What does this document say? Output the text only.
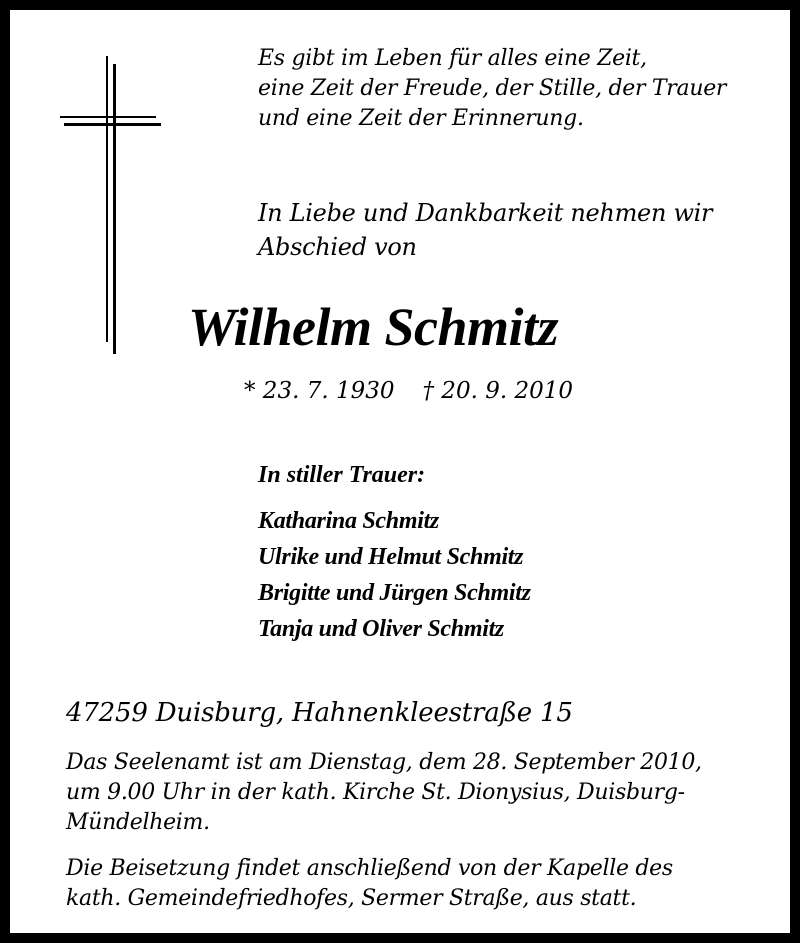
Es gibt im Leben für alles eine Zeit,
eine Zeit der Freude, der Stille, der Trauer
und eine Zeit der Erinnerung.
In Liebe und Dankbarkeit nehmen wir
Abschied von
Wilhelm Schmitz
* 23. 7. 1930 † 20. 9. 2010
In stiller Trauer:
Katharina Schmitz
Ulrike und Helmut Schmitz
Brigitte und Jürgen Schmitz
Tanja und Oliver Schmitz
47259 Duisburg, Hahnenkleestraße 15
Das Seelenamt ist am Dienstag, dem 28. September 2010,
um 9.00 Uhr in der kath. Kirche St. Dionysius, Duisburg-
Mündelheim.
Die Beisetzung findet anschließend von der Kapelle des
kath. Gemeindefriedhofes, Sermer Straße, aus statt.
